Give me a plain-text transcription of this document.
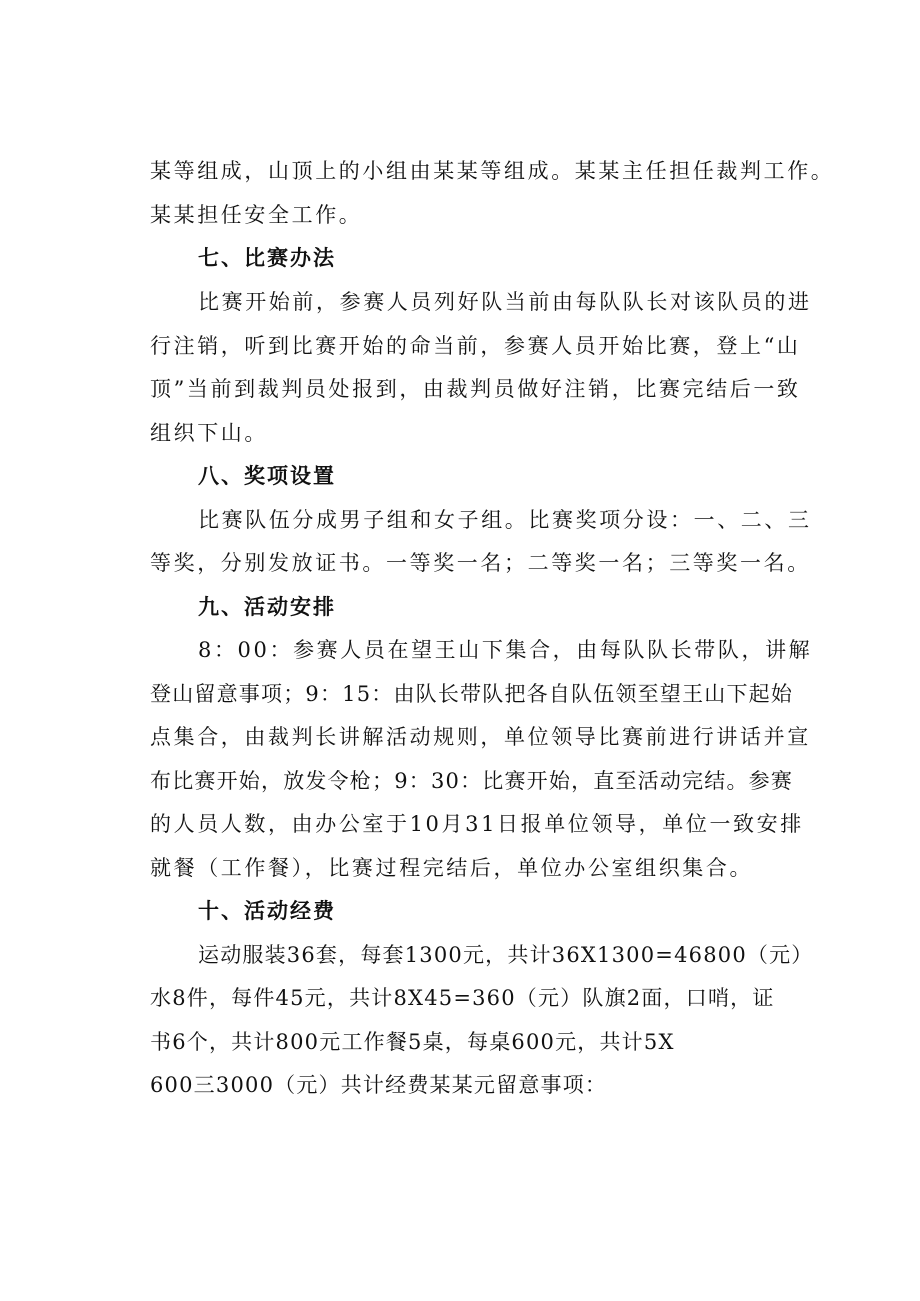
某等组成，山顶上的小组由某某等组成。某某主任担任裁判工作。
某某担任安全工作。
七、比赛办法
比赛开始前，参赛人员列好队当前由每队队长对该队员的进
行注销，听到比赛开始的命当前，参赛人员开始比赛，登上“山
顶”当前到裁判员处报到，由裁判员做好注销，比赛完结后一致
组织下山。
八、奖项设置
比赛队伍分成男子组和女子组。比赛奖项分设：一、二、三
等奖，分别发放证书。一等奖一名；二等奖一名；三等奖一名。
九、活动安排
8：00：参赛人员在望王山下集合，由每队队长带队，讲解
登山留意事项；9：15：由队长带队把各自队伍领至望王山下起始
点集合，由裁判长讲解活动规则，单位领导比赛前进行讲话并宣
布比赛开始，放发令枪；9：30：比赛开始，直至活动完结。参赛
的人员人数，由办公室于10月31日报单位领导，单位一致安排
就餐（工作餐），比赛过程完结后，单位办公室组织集合。
十、活动经费
运动服装36套，每套1300元，共计36X1300=46800（元）
水8件，每件45元，共计8X45=360（元）队旗2面，口哨，证
书6个，共计800元工作餐5桌，每桌600元，共计5X
600三3000（元）共计经费某某元留意事项：
